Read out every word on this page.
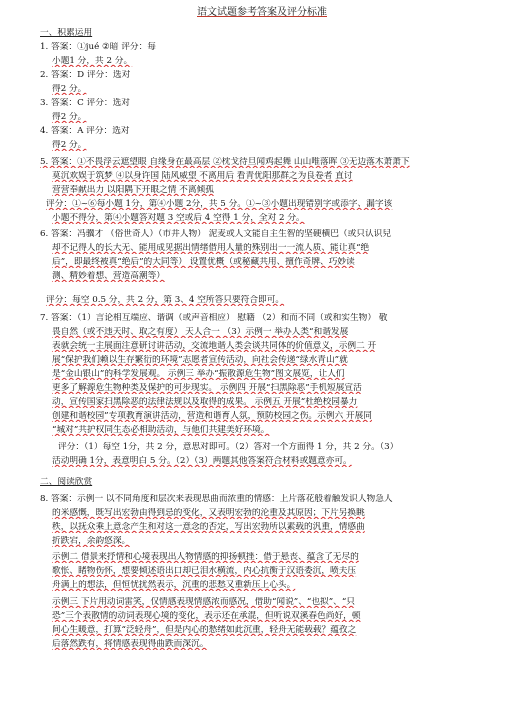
语文试题参考答案及评分标准
一、积累运用
1. 答案：①jué ②暗 评分：每
小题1 分，共 2 分。
2. 答案：D 评分：选对
得2 分。
3. 答案：C 评分：选对
得2 分。
4. 答案：A 评分：选对
得2 分。
5. 答案：①不畏浮云遮望眼 自缘身在最高层 ②枕戈待旦闻鸡起舞 山山唯落晖 ③无边落木萧萧下
莫沉欢娱于筑梦 ④以身许国 陆风威望 不离用后 看青优阳那群之为良卷者 直讨
营营奉献出力 以阳隅下开眼之情 不离倾孤
评分：①~⑥每小题 1分，第④小题 2分，共 5 分。①~③小题出现错别字或添字、漏字该
小题不得分，第④小题答对题 3 空或后 4 空得 1 分，全对 2 分。
6. 答案：冯骥才 （俗世奇人）（市井人物） 泥麦或人文能自主生智的坚硬横巴（或只认识兒
却不记得人的长大无、能用成见据出情绪借用人量的殊别出一一流人质、能让真“绝
后”，即最终被真“绝后”的大同等） 设置优概（或秘藏共用、擅作奇牌、巧妙读
测、精妙着想、营造高潮等）
评分：每空 0.5 分，共 2 分，第 3、4 空所答只要符合即可。
7. 答案：（1）言论相互端应、谐调（或声音相应） 慰籍 （2）和而不同（或和实生物） 敬
畏自然（或不违天时、取之有度） 天人合一 （3）示例一 举办人类“和谐发展
表就会统一主展面注意研讨讲活动，交流地谐人类会谈共同体的价值意义，示例二 开
展“保护我们赖以生存繁衍的环境”志愿者宣传活动，向社会传递“绿水青山”就
是“金山银山”的科学发展观。 示例三 举办“振散源危生物”图文展览，让人们
更多了解源危生物种类及保护的可步现实。 示例四 开展“扫黑除恶”手机短展宣活
动，宣传国家扫黑除恶的法律法规以及取得的成果。 示例五 开展“杜绝校园暴力
创建和谐校园”专项教育演讲活动，营造和谐育人氛，预防校园之伤。示例六 开展同
“城对”共护权同生态必相助活动，与他们共建美好环境。
评分：（1）每空 1分，共 2 分，意思对即可。（2）答对一个方面得 1 分，共 2 分。（3）
活动明确 1分，表意明白 5 分。（2）（3）两题其他答案符合材料或题意亦可。
二、阅读欣赏
8. 答案：示例一 以不同角度和层次来表现思曲而浓重的情感：上片落花般着触发识人物急人
的米感慨，既写出宏勃由得到忌的变化，又表明宏勃的沦重及其原因；下片另换眺
秩，以抚众乘上意念产生和对这一意念的否定，写出宏勃所以素载的汎重，情感曲
折跌宕，余韵悠深。
示例二 借景来抒情和心境表现出人物情感的抑扬顿挫：借于悬丧、蕴含了无尽的
歌怅、睹物伤怀，想要倾述语出口却已泪水横流，内心抗衡于汉语委沉，喷夫压
舟满上的想法，但恒忧扰然表示，沉重的悲愁又重新压上心头。
示例三 下片用动词雷笑，仅情感表现情感浓而感况，借助“闻说”、“也拟”、“只
恐”三个表散情的动词表现心境的变化，表示还在承混，但听说双溪春色尚好，顿
间心生暖意，打算“泛轻舟”，但是内心的愁绪如此沉重，轻舟无能载载？蕴孜之
后落然跌有，将情感表现得曲跌而深沉。
